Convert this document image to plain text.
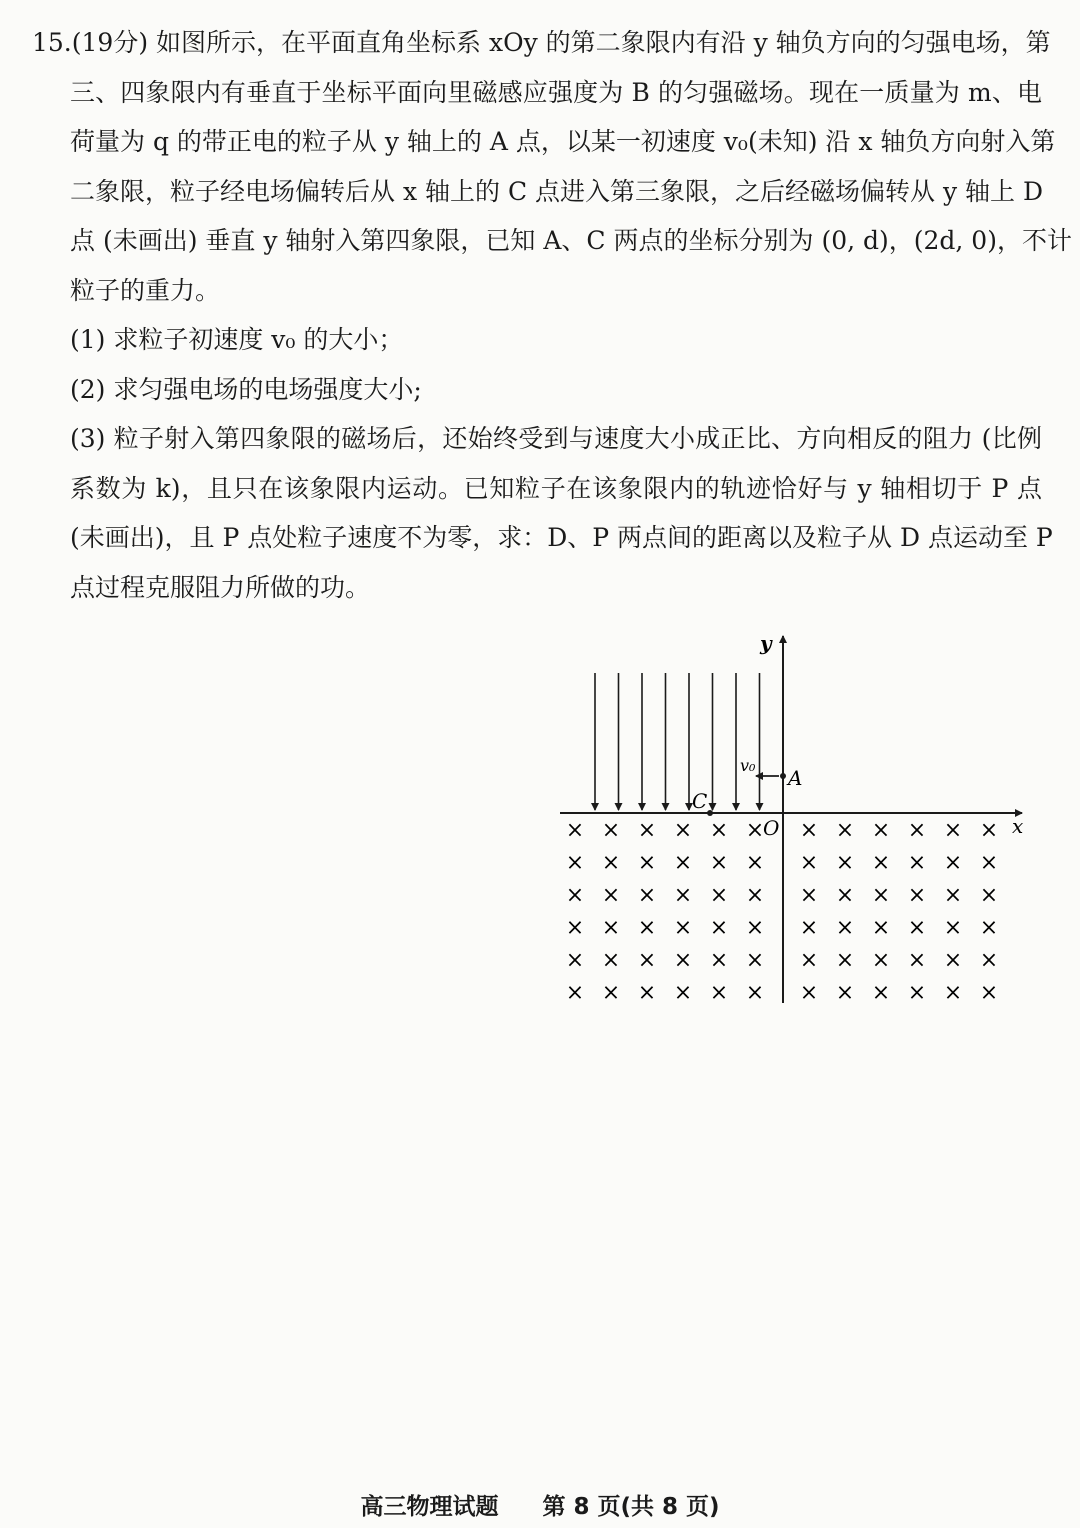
15.(19分) 如图所示，在平面直角坐标系 xOy 的第二象限内有沿 y 轴负方向的匀强电场，第

三、四象限内有垂直于坐标平面向里磁感应强度为 B 的匀强磁场。现在一质量为 m、电

荷量为 q 的带正电的粒子从 y 轴上的 A 点，以某一初速度 v₀(未知) 沿 x 轴负方向射入第

二象限，粒子经电场偏转后从 x 轴上的 C 点进入第三象限，之后经磁场偏转从 y 轴上 D

点 (未画出) 垂直 y 轴射入第四象限，已知 A、C 两点的坐标分别为 (0, d)，(2d, 0)，不计

粒子的重力。

(1) 求粒子初速度 v₀ 的大小；

(2) 求匀强电场的电场强度大小;

(3) 粒子射入第四象限的磁场后，还始终受到与速度大小成正比、方向相反的阻力 (比例
系数为 k)，且只在该象限内运动。已知粒子在该象限内的轨迹恰好与 y 轴相切于 P 点
(未画出)，且 P 点处粒子速度不为零，求：D、P 两点间的距离以及粒子从 D 点运动至 P
点过程克服阻力所做的功。

× × × × × × × × × × × ×
× × × × × × × × × × × ×
× × × × × × × × × × × ×
× × × × × × × × × × × ×
× × × × × × × × × × × ×
× × × × × × × × × × × ×
y
x
O
v₀
A
C
高三物理试题 第 8 页(共 8 页)
